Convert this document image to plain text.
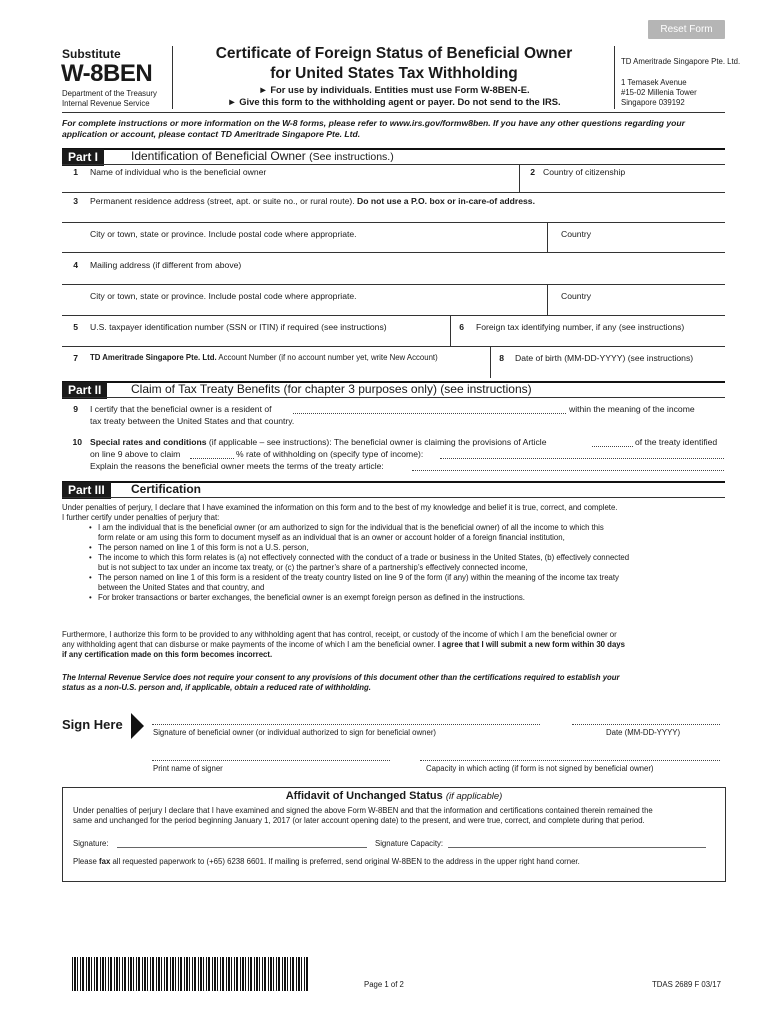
Reset Form
Substitute
W-8BEN
Department of the Treasury
Internal Revenue Service
Certificate of Foreign Status of Beneficial Owner
for United States Tax Withholding
► For use by individuals. Entities must use Form W-8BEN-E.
► Give this form to the withholding agent or payer. Do not send to the IRS.
TD Ameritrade Singapore Pte. Ltd.
1 Temasek Avenue
#15-02 Millenia Tower
Singapore 039192
For complete instructions or more information on the W-8 forms, please refer to www.irs.gov/formw8ben. If you have any other questions regarding your application or account, please contact TD Ameritrade Singapore Pte. Ltd.
Part I	Identification of Beneficial Owner (See instructions.)
1 Name of individual who is the beneficial owner	2 Country of citizenship
3 Permanent residence address (street, apt. or suite no., or rural route). Do not use a P.O. box or in-care-of address.
City or town, state or province. Include postal code where appropriate.	Country
4 Mailing address (if different from above)
City or town, state or province. Include postal code where appropriate.	Country
5 U.S. taxpayer identification number (SSN or ITIN) if required (see instructions)	6 Foreign tax identifying number, if any (see instructions)
7 TD Ameritrade Singapore Pte. Ltd. Account Number (if no account number yet, write New Account)	8 Date of birth (MM-DD-YYYY) (see instructions)
Part II	Claim of Tax Treaty Benefits (for chapter 3 purposes only) (see instructions)
9 I certify that the beneficial owner is a resident of	within the meaning of the income
tax treaty between the United States and that country.
10 Special rates and conditions (if applicable – see instructions): The beneficial owner is claiming the provisions of Article	of the treaty identified
on line 9 above to claim	% rate of withholding on (specify type of income):
Explain the reasons the beneficial owner meets the terms of the treaty article:
Part III	Certification
Under penalties of perjury, I declare that I have examined the information on this form and to the best of my knowledge and belief it is true, correct, and complete.
I further certify under penalties of perjury that:
• I am the individual that is the beneficial owner (or am authorized to sign for the individual that is the beneficial owner) of all the income to which this
form relate or am using this form to document myself as an individual that is an owner or account holder of a foreign financial institution,
• The person named on line 1 of this form is not a U.S. person,
• The income to which this form relates is (a) not effectively connected with the conduct of a trade or business in the United States, (b) effectively connected
but is not subject to tax under an income tax treaty, or (c) the partner’s share of a partnership’s effectively connected income,
• The person named on line 1 of this form is a resident of the treaty country listed on line 9 of the form (if any) within the meaning of the income tax treaty
between the United States and that country, and
• For broker transactions or barter exchanges, the beneficial owner is an exempt foreign person as defined in the instructions.
Furthermore, I authorize this form to be provided to any withholding agent that has control, receipt, or custody of the income of which I am the beneficial owner or
any withholding agent that can disburse or make payments of the income of which I am the beneficial owner. I agree that I will submit a new form within 30 days
if any certification made on this form becomes incorrect.
The Internal Revenue Service does not require your consent to any provisions of this document other than the certifications required to establish your
status as a non-U.S. person and, if applicable, obtain a reduced rate of withholding.
Sign Here
Signature of beneficial owner (or individual authorized to sign for beneficial owner)	Date (MM-DD-YYYY)
Print name of signer	Capacity in which acting (if form is not signed by beneficial owner)
Affidavit of Unchanged Status (if applicable)
Under penalties of perjury I declare that I have examined and signed the above Form W-8BEN and that the information and certifications contained therein remained the
same and unchanged for the period beginning January 1, 2017 (or later account opening date) to the present, and were true, correct, and complete during that period.
Signature:	Signature Capacity:
Please fax all requested paperwork to (+65) 6238 6601. If mailing is preferred, send original W-8BEN to the address in the upper right hand corner.
Page 1 of 2	TDAS 2689 F 03/17
